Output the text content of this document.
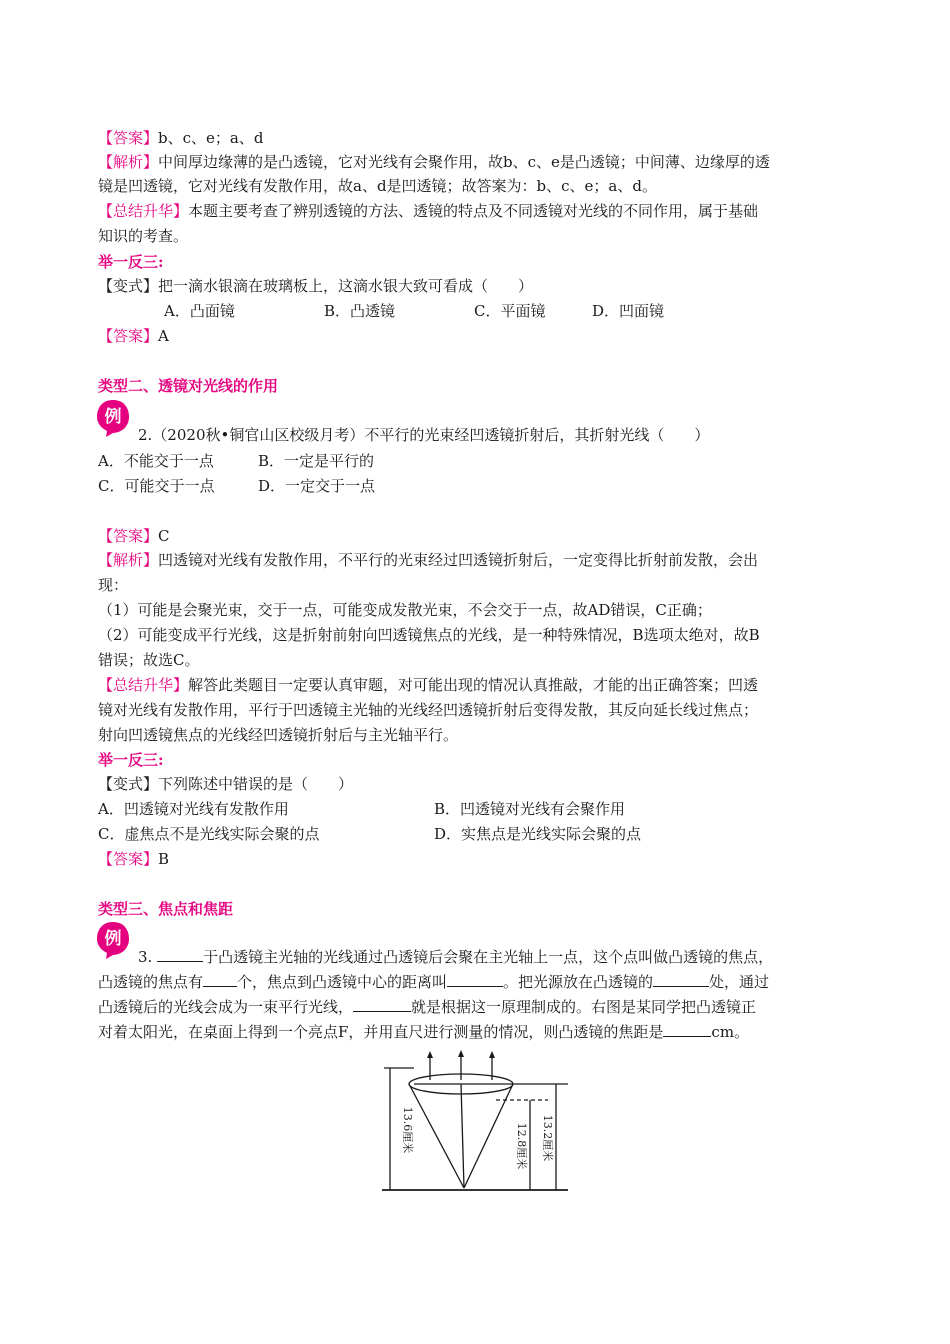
【答案】b、c、e；a、d
【解析】中间厚边缘薄的是凸透镜，它对光线有会聚作用，故b、c、e是凸透镜；中间薄、边缘厚的透
镜是凹透镜，它对光线有发散作用，故a、d是凹透镜；故答案为：b、c、e；a、d。
【总结升华】本题主要考查了辨别透镜的方法、透镜的特点及不同透镜对光线的不同作用，属于基础
知识的考查。
举一反三:
【变式】把一滴水银滴在玻璃板上，这滴水银大致可看成（　　）
A．凸面镜	B．凸透镜	C．平面镜	D．凹面镜
【答案】A
类型二、透镜对光线的作用
例
2.（2020秋•铜官山区校级月考）不平行的光束经凹透镜折射后，其折射光线（　　）
A．不能交于一点	B．一定是平行的
C．可能交于一点	D．一定交于一点
【答案】C
【解析】凹透镜对光线有发散作用，不平行的光束经过凹透镜折射后，一定变得比折射前发散，会出
现：
（1）可能是会聚光束，交于一点，可能变成发散光束，不会交于一点，故AD错误，C正确；
（2）可能变成平行光线，这是折射前射向凹透镜焦点的光线，是一种特殊情况，B选项太绝对，故B
错误；故选C。
【总结升华】解答此类题目一定要认真审题，对可能出现的情况认真推敲，才能的出正确答案；凹透
镜对光线有发散作用，平行于凹透镜主光轴的光线经凹透镜折射后变得发散，其反向延长线过焦点；
射向凹透镜焦点的光线经凹透镜折射后与主光轴平行。
举一反三:
【变式】下列陈述中错误的是（　　）
A．凹透镜对光线有发散作用	B．凹透镜对光线有会聚作用
C．虚焦点不是光线实际会聚的点	D．实焦点是光线实际会聚的点
【答案】B
类型三、焦点和焦距
例
3.	于凸透镜主光轴的光线通过凸透镜后会聚在主光轴上一点，这个点叫做凸透镜的焦点，
凸透镜的焦点有 个，焦点到凸透镜中心的距离叫	。把光源放在凸透镜的	处，通过
凸透镜后的光线会成为一束平行光线，	就是根据这一原理制成的。右图是某同学把凸透镜正
对着太阳光，在桌面上得到一个亮点F，并用直尺进行测量的情况，则凸透镜的焦距是	cm。
13.6厘米	12.8厘米 13.2厘米
